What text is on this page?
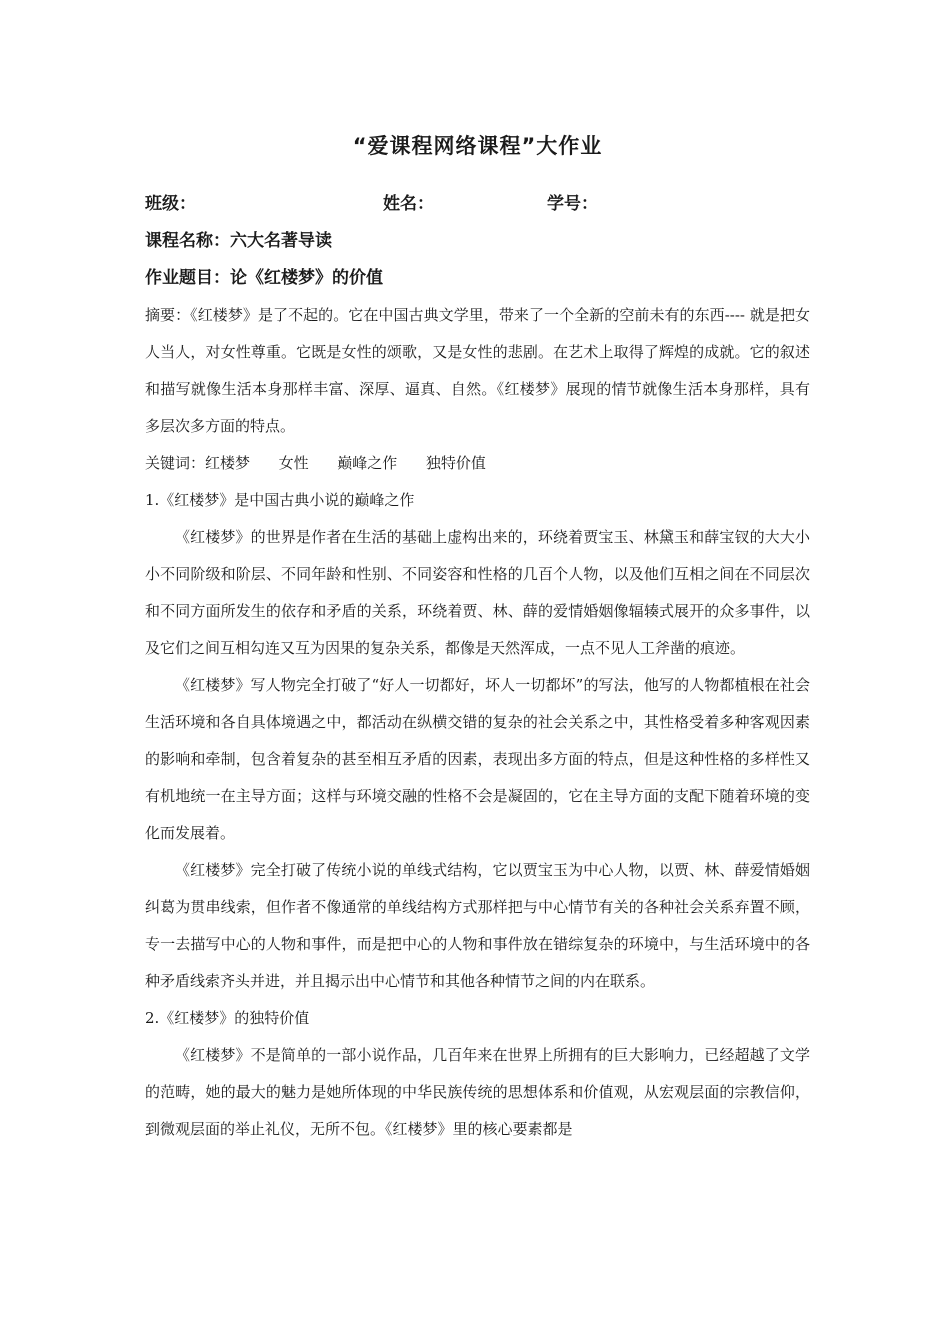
“爱课程网络课程”大作业
班级：	姓名：	学号：
课程名称：六大名著导读
作业题目：论《红楼梦》的价值

摘要：《红楼梦》是了不起的。它在中国古典文学里，带来了一个全新的空前未有的东西---- 就是把女人当人，对女性尊重。它既是女性的颂歌，又是女性的悲剧。在艺术上取得了辉煌的成就。它的叙述和描写就像生活本身那样丰富、深厚、逼真、自然。《红楼梦》展现的情节就像生活本身那样，具有多层次多方面的特点。

关键词：红楼梦 女性 巅峰之作 独特价值

1.《红楼梦》是中国古典小说的巅峰之作

《红楼梦》的世界是作者在生活的基础上虚构出来的，环绕着贾宝玉、林黛玉和薛宝钗的大大小小不同阶级和阶层、不同年龄和性别、不同姿容和性格的几百个人物，以及他们互相之间在不同层次和不同方面所发生的依存和矛盾的关系，环绕着贾、林、薛的爱情婚姻像辐辏式展开的众多事件，以及它们之间互相勾连又互为因果的复杂关系，都像是天然浑成，一点不见人工斧凿的痕迹。

《红楼梦》写人物完全打破了“好人一切都好，坏人一切都坏”的写法，他写的人物都植根在社会生活环境和各自具体境遇之中，都活动在纵横交错的复杂的社会关系之中，其性格受着多种客观因素的影响和牵制，包含着复杂的甚至相互矛盾的因素，表现出多方面的特点，但是这种性格的多样性又有机地统一在主导方面；这样与环境交融的性格不会是凝固的，它在主导方面的支配下随着环境的变化而发展着。

《红楼梦》完全打破了传统小说的单线式结构，它以贾宝玉为中心人物，以贾、林、薛爱情婚姻纠葛为贯串线索，但作者不像通常的单线结构方式那样把与中心情节有关的各种社会关系弃置不顾，专一去描写中心的人物和事件，而是把中心的人物和事件放在错综复杂的环境中，与生活环境中的各种矛盾线索齐头并进，并且揭示出中心情节和其他各种情节之间的内在联系。

2.《红楼梦》的独特价值

《红楼梦》不是简单的一部小说作品，几百年来在世界上所拥有的巨大影响力，已经超越了文学的范畴，她的最大的魅力是她所体现的中华民族传统的思想体系和价值观，从宏观层面的宗教信仰，到微观层面的举止礼仪，无所不包。《红楼梦》里的核心要素都是
